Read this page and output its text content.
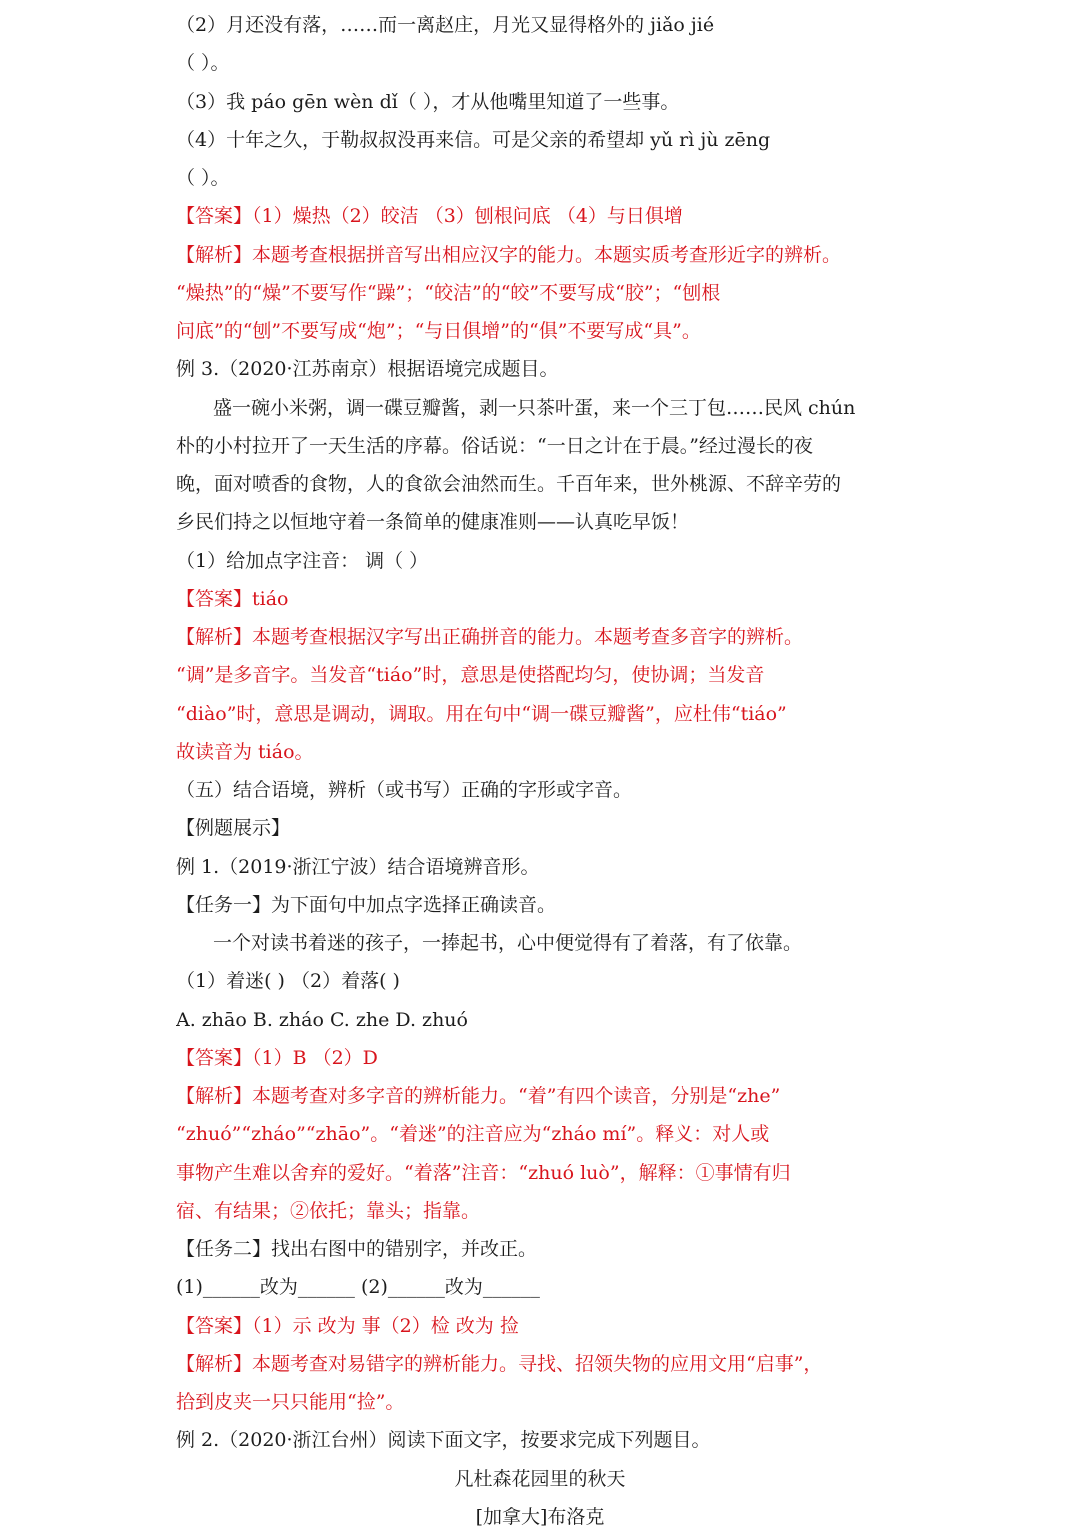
（2）月还没有落，……而一离赵庄，月光又显得格外的 jiǎo jié
（ ）。
（3）我 páo gēn wèn dǐ（ ），才从他嘴里知道了一些事。
（4）十年之久，于勒叔叔没再来信。可是父亲的希望却 yǔ rì jù zēng
（ ）。
【答案】（1）燥热（2）皎洁 （3）刨根问底 （4）与日俱增
【解析】本题考查根据拼音写出相应汉字的能力。本题实质考查形近字的辨析。
“燥热”的“燥”不要写作“躁”；“皎洁”的“皎”不要写成“胶”；“刨根
问底”的“刨”不要写成“炮”；“与日俱增”的“俱”不要写成“具”。
例 3.（2020·江苏南京）根据语境完成题目。
盛一碗小米粥，调一碟豆瓣酱，剥一只茶叶蛋，来一个三丁包……民风 chún
朴的小村拉开了一天生活的序幕。俗话说：“一日之计在于晨。”经过漫长的夜
晚，面对喷香的食物，人的食欲会油然而生。千百年来，世外桃源、不辞辛劳的
乡民们持之以恒地守着一条简单的健康准则——认真吃早饭！
（1）给加点字注音： 调（ ）
【答案】tiáo
【解析】本题考查根据汉字写出正确拼音的能力。本题考查多音字的辨析。
“调”是多音字。当发音“tiáo”时，意思是使搭配均匀，使协调；当发音
“diào”时，意思是调动，调取。用在句中“调一碟豆瓣酱”，应杜伟“tiáo”
故读音为 tiáo。
（五）结合语境，辨析（或书写）正确的字形或字音。
【例题展示】
例 1.（2019·浙江宁波）结合语境辨音形。
【任务一】为下面句中加点字选择正确读音。
一个对读书着迷的孩子，一捧起书，心中便觉得有了着落，有了依靠。
（1）着迷( ) （2）着落( )
A. zhāo B. zháo C. zhe D. zhuó
【答案】（1）B （2）D
【解析】本题考查对多字音的辨析能力。“着”有四个读音，分别是“zhe”
“zhuó”“zháo”“zhāo”。“着迷”的注音应为“zháo mí”。释义：对人或
事物产生难以舍弃的爱好。“着落”注音：“zhuó luò”，解释：①事情有归
宿、有结果；②依托；靠头；指靠。
【任务二】找出右图中的错别字，并改正。
(1)______改为______ (2)______改为______
【答案】（1）示 改为 事（2）检 改为 捡
【解析】本题考查对易错字的辨析能力。寻找、招领失物的应用文用“启事”，
拾到皮夹一只只能用“捡”。
例 2.（2020·浙江台州）阅读下面文字，按要求完成下列题目。
凡杜森花园里的秋天
[加拿大]布洛克
